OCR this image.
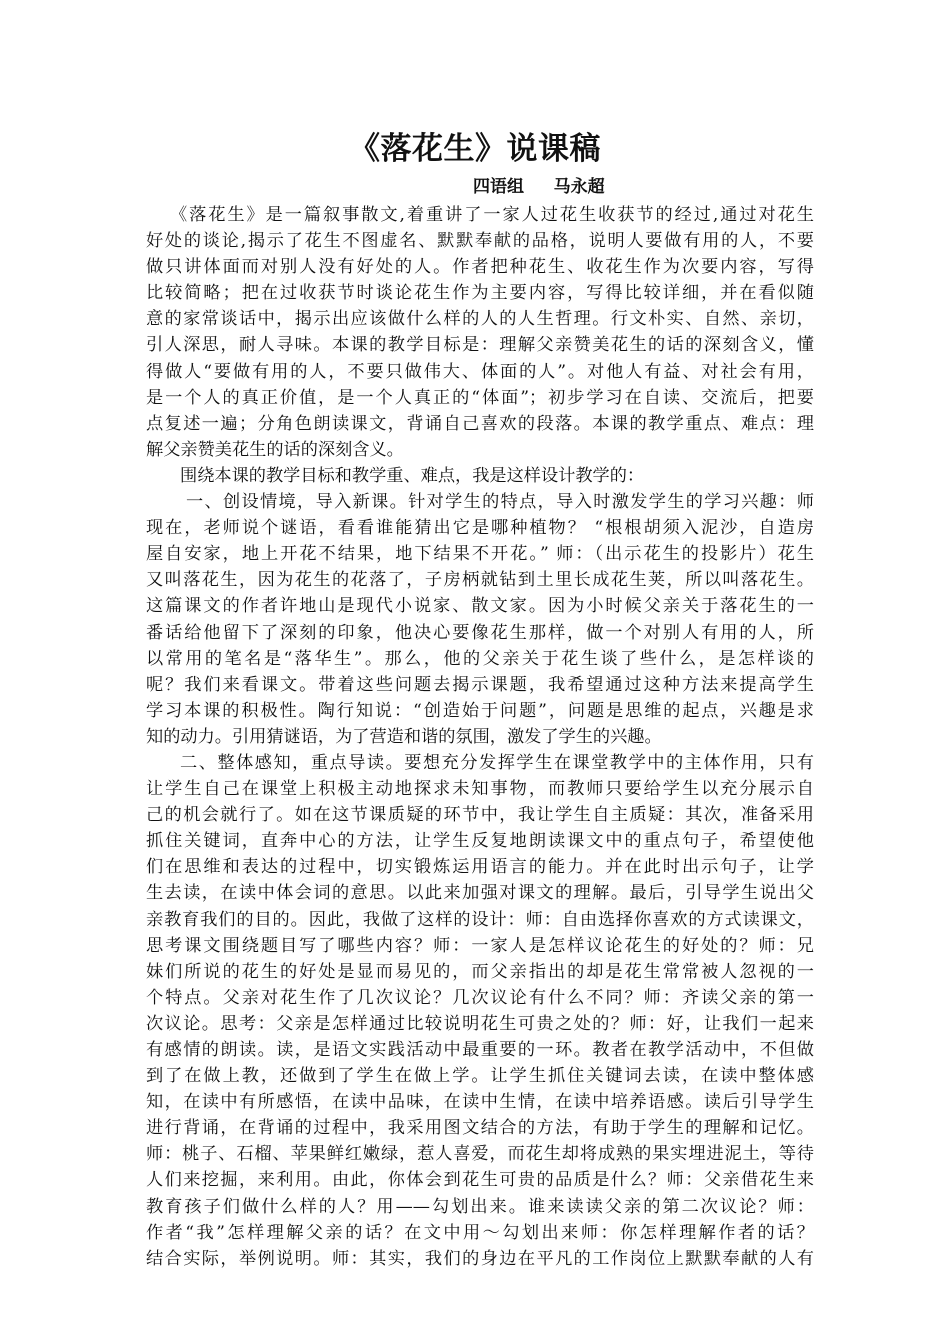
《落花生》说课稿
四语组     马永超
《落花生》是一篇叙事散文,着重讲了一家人过花生收获节的经过,通过对花生
好处的谈论,揭示了花生不图虚名、默默奉献的品格，说明人要做有用的人，不要
做只讲体面而对别人没有好处的人。作者把种花生、收花生作为次要内容，写得
比较简略；把在过收获节时谈论花生作为主要内容，写得比较详细，并在看似随
意的家常谈话中，揭示出应该做什么样的人的人生哲理。行文朴实、自然、亲切，
引人深思，耐人寻味。本课的教学目标是：理解父亲赞美花生的话的深刻含义，懂
得做人“要做有用的人，不要只做伟大、体面的人”。对他人有益、对社会有用，
是一个人的真正价值，是一个人真正的“体面”；初步学习在自读、交流后，把要
点复述一遍；分角色朗读课文，背诵自己喜欢的段落。本课的教学重点、难点：理
解父亲赞美花生的话的深刻含义。
围绕本课的教学目标和教学重、难点，我是这样设计教学的：
一、创设情境，导入新课。针对学生的特点，导入时激发学生的学习兴趣：师
现在，老师说个谜语，看看谁能猜出它是哪种植物？ “根根胡须入泥沙，自造房
屋自安家，地上开花不结果，地下结果不开花。” 师：（出示花生的投影片）花生
又叫落花生，因为花生的花落了，子房柄就钻到土里长成花生荚，所以叫落花生。
这篇课文的作者许地山是现代小说家、散文家。因为小时候父亲关于落花生的一
番话给他留下了深刻的印象，他决心要像花生那样，做一个对别人有用的人，所
以常用的笔名是“落华生”。那么，他的父亲关于花生谈了些什么，是怎样谈的
呢？我们来看课文。带着这些问题去揭示课题，我希望通过这种方法来提高学生
学习本课的积极性。陶行知说：“创造始于问题”，问题是思维的起点，兴趣是求
知的动力。引用猜谜语，为了营造和谐的氛围，激发了学生的兴趣。
二、整体感知，重点导读。要想充分发挥学生在课堂教学中的主体作用，只有
让学生自己在课堂上积极主动地探求未知事物，而教师只要给学生以充分展示自
己的机会就行了。如在这节课质疑的环节中，我让学生自主质疑：其次，准备采用
抓住关键词，直奔中心的方法，让学生反复地朗读课文中的重点句子，希望使他
们在思维和表达的过程中，切实锻炼运用语言的能力。并在此时出示句子，让学
生去读，在读中体会词的意思。以此来加强对课文的理解。最后，引导学生说出父
亲教育我们的目的。因此，我做了这样的设计：师：自由选择你喜欢的方式读课文，
思考课文围绕题目写了哪些内容？师：一家人是怎样议论花生的好处的？师：兄
妹们所说的花生的好处是显而易见的，而父亲指出的却是花生常常被人忽视的一
个特点。父亲对花生作了几次议论？几次议论有什么不同？师：齐读父亲的第一
次议论。思考：父亲是怎样通过比较说明花生可贵之处的？师：好，让我们一起来
有感情的朗读。读，是语文实践活动中最重要的一环。教者在教学活动中，不但做
到了在做上教，还做到了学生在做上学。让学生抓住关键词去读，在读中整体感
知，在读中有所感悟，在读中品味，在读中生情，在读中培养语感。读后引导学生
进行背诵，在背诵的过程中，我采用图文结合的方法，有助于学生的理解和记忆。
师：桃子、石榴、苹果鲜红嫩绿，惹人喜爱，而花生却将成熟的果实埋进泥土，等待
人们来挖掘，来利用。由此，你体会到花生可贵的品质是什么？师：父亲借花生来
教育孩子们做什么样的人？用——勾划出来。谁来读读父亲的第二次议论？师：
作者“我”怎样理解父亲的话？在文中用～勾划出来师：你怎样理解作者的话？
结合实际，举例说明。师：其实，我们的身边在平凡的工作岗位上默默奉献的人有
